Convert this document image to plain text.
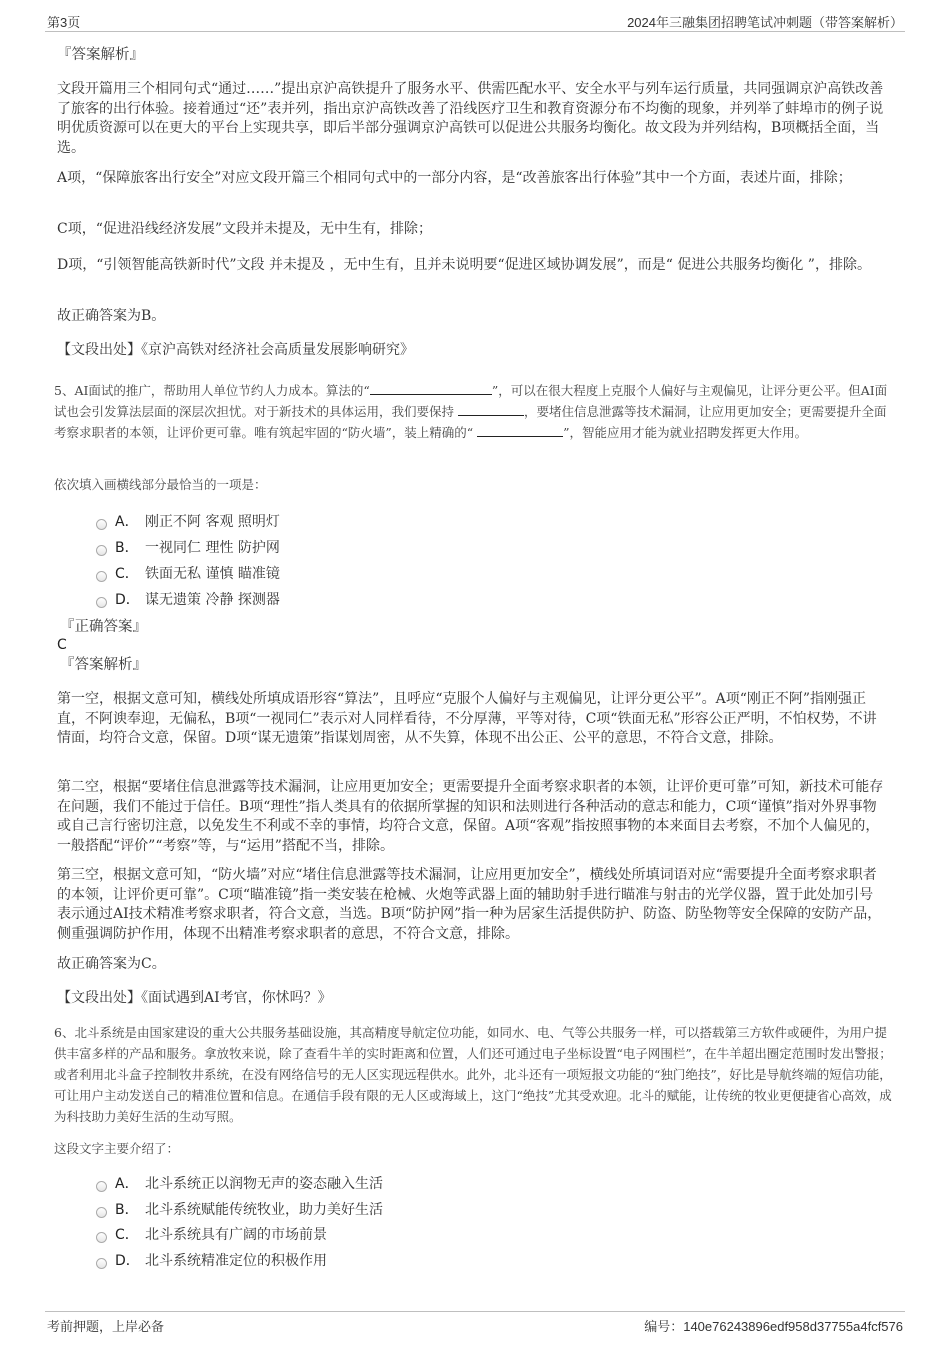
第3页	2024年三融集团招聘笔试冲刺题（带答案解析）
『答案解析』
文段开篇用三个相同句式“通过……”提出京沪高铁提升了服务水平、供需匹配水平、安全水平与列车运行质量，共同强调京沪高铁改善了旅客的出行体验。接着通过“还”表并列，指出京沪高铁改善了沿线医疗卫生和教育资源分布不均衡的现象，并列举了蚌埠市的例子说明优质资源可以在更大的平台上实现共享，即后半部分强调京沪高铁可以促进公共服务均衡化。故文段为并列结构，B项概括全面，当选。
A项，“保障旅客出行安全”对应文段开篇三个相同句式中的一部分内容，是“改善旅客出行体验”其中一个方面，表述片面，排除；
C项，“促进沿线经济发展”文段并未提及，无中生有，排除；
D项，“引领智能高铁新时代”文段 并未提及 ，无中生有，且并未说明要“促进区域协调发展”，而是“ 促进公共服务均衡化 ”，排除。
故正确答案为B。
【文段出处】《京沪高铁对经济社会高质量发展影响研究》
5、AI面试的推广，帮助用人单位节约人力成本。算法的“	”，可以在很大程度上克服个人偏好与主观偏见，让评分更公平。但AI面试也会引发算法层面的深层次担忧。对于新技术的具体运用，我们要保持	，要堵住信息泄露等技术漏洞，让应用更加安全；更需要提升全面考察求职者的本领，让评价更可靠。唯有筑起牢固的“防火墙”，装上精确的“	”，智能应用才能为就业招聘发挥更大作用。
依次填入画横线部分最恰当的一项是：
A． 刚正不阿 客观 照明灯
B． 一视同仁 理性 防护网
C． 铁面无私 谨慎 瞄准镜
D． 谋无遗策 冷静 探测器
『正确答案』
C
『答案解析』
第一空，根据文意可知，横线处所填成语形容“算法”，且呼应“克服个人偏好与主观偏见，让评分更公平”。A项“刚正不阿”指刚强正直，不阿谀奉迎，无偏私，B项“一视同仁”表示对人同样看待，不分厚薄，平等对待，C项“铁面无私”形容公正严明，不怕权势，不讲情面，均符合文意，保留。D项“谋无遗策”指谋划周密，从不失算，体现不出公正、公平的意思，不符合文意，排除。
第二空，根据“要堵住信息泄露等技术漏洞，让应用更加安全；更需要提升全面考察求职者的本领，让评价更可靠”可知，新技术可能存在问题，我们不能过于信任。B项“理性”指人类具有的依据所掌握的知识和法则进行各种活动的意志和能力，C项“谨慎”指对外界事物或自己言行密切注意，以免发生不利或不幸的事情，均符合文意，保留。A项“客观”指按照事物的本来面目去考察，不加个人偏见的，一般搭配“评价”“考察”等，与“运用”搭配不当，排除。
第三空，根据文意可知，“防火墙”对应“堵住信息泄露等技术漏洞，让应用更加安全”，横线处所填词语对应“需要提升全面考察求职者的本领，让评价更可靠”。C项“瞄准镜”指一类安装在枪械、火炮等武器上面的辅助射手进行瞄准与射击的光学仪器，置于此处加引号表示通过AI技术精准考察求职者，符合文意，当选。B项“防护网”指一种为居家生活提供防护、防盗、防坠物等安全保障的安防产品，侧重强调防护作用，体现不出精准考察求职者的意思，不符合文意，排除。
故正确答案为C。
【文段出处】《面试遇到AI考官，你怵吗？》
6、北斗系统是由国家建设的重大公共服务基础设施，其高精度导航定位功能，如同水、电、气等公共服务一样，可以搭载第三方软件或硬件，为用户提供丰富多样的产品和服务。拿放牧来说，除了查看牛羊的实时距离和位置，人们还可通过电子坐标设置“电子网围栏”，在牛羊超出圈定范围时发出警报；或者利用北斗盒子控制牧井系统，在没有网络信号的无人区实现远程供水。此外，北斗还有一项短报文功能的“独门绝技”，好比是导航终端的短信功能，可让用户主动发送自己的精准位置和信息。在通信手段有限的无人区或海域上，这门“绝技”尤其受欢迎。北斗的赋能，让传统的牧业更便捷省心高效，成为科技助力美好生活的生动写照。
这段文字主要介绍了：
A． 北斗系统正以润物无声的姿态融入生活
B． 北斗系统赋能传统牧业，助力美好生活
C． 北斗系统具有广阔的市场前景
D． 北斗系统精准定位的积极作用
考前押题，上岸必备	编号：140e76243896edf958d37755a4fcf576
